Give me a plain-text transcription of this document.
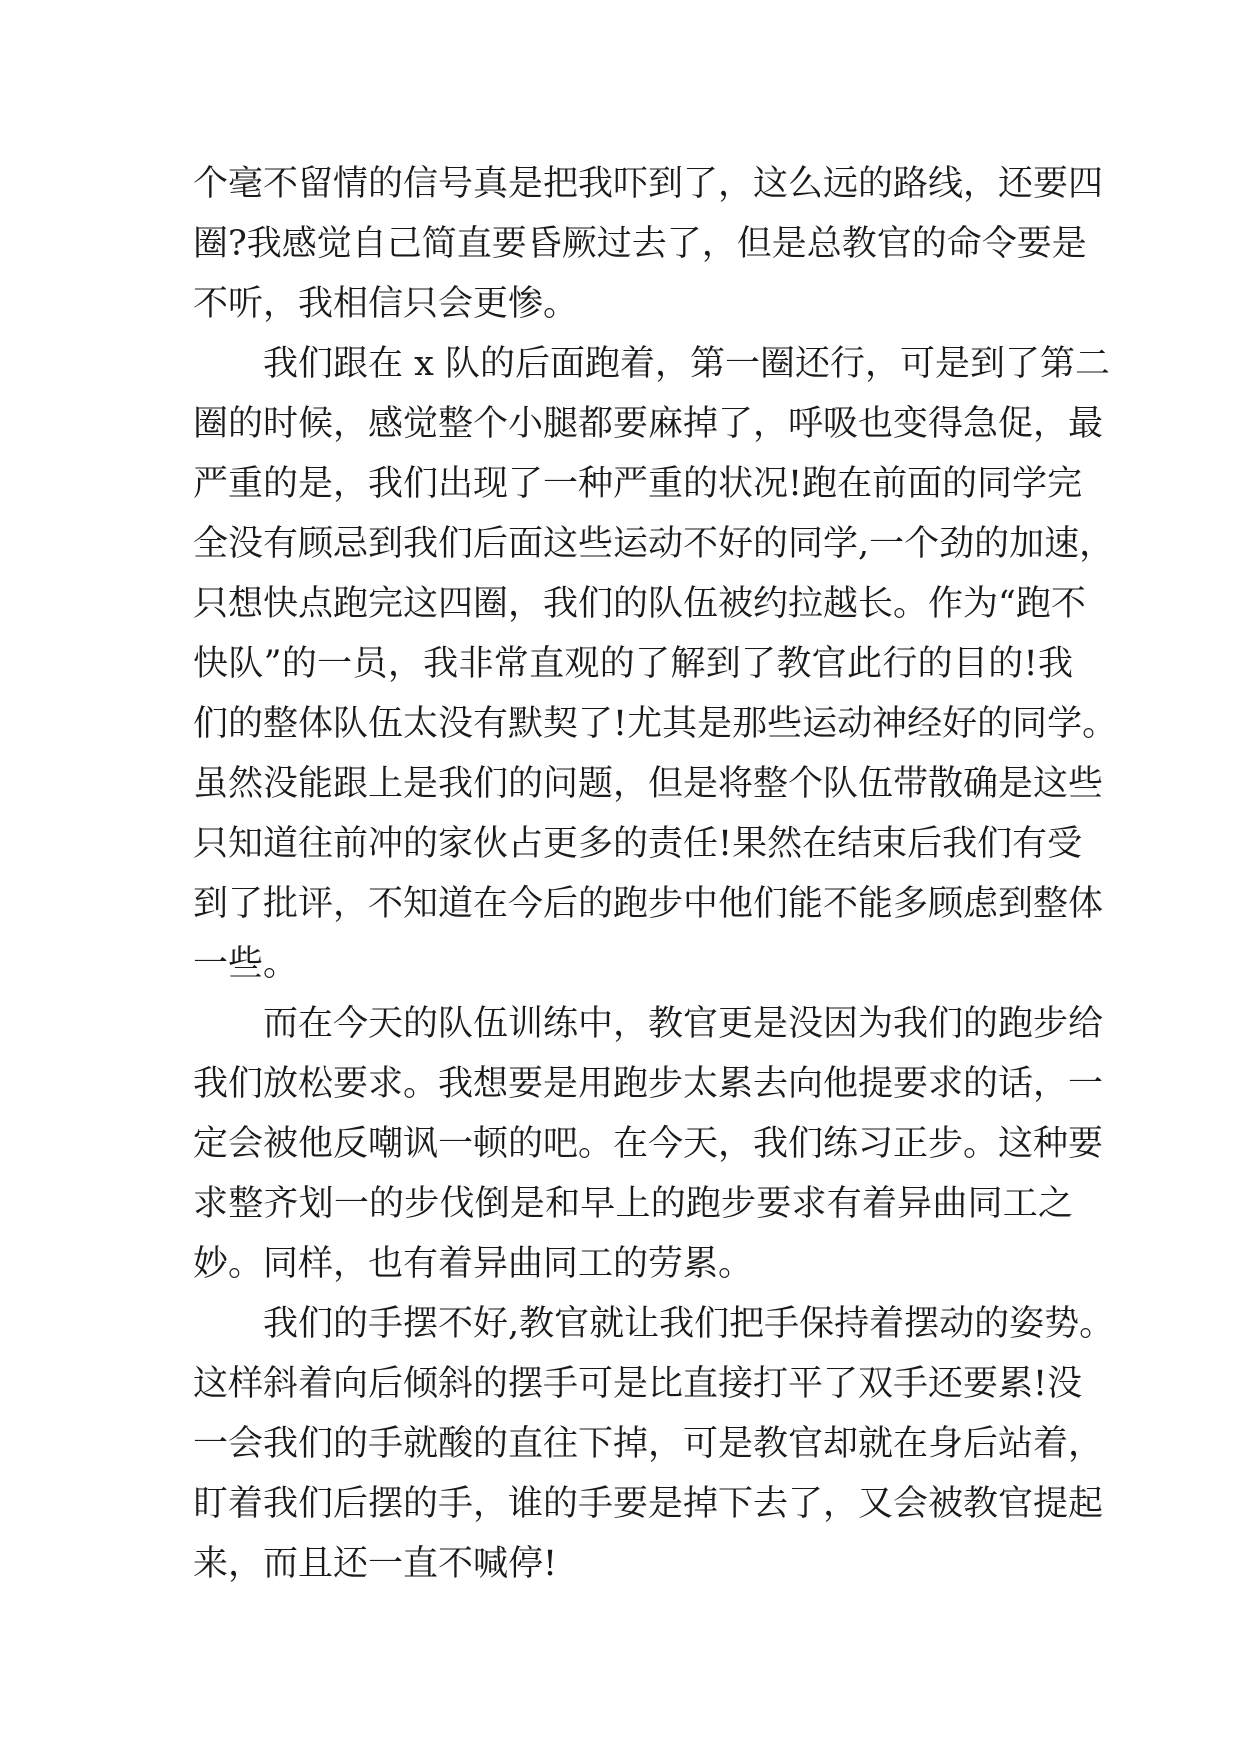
个毫不留情的信号真是把我吓到了，这么远的路线，还要四
圈?我感觉自己简直要昏厥过去了，但是总教官的命令要是
不听，我相信只会更惨。
我们跟在 x 队的后面跑着，第一圈还行，可是到了第二
圈的时候，感觉整个小腿都要麻掉了，呼吸也变得急促，最
严重的是，我们出现了一种严重的状况!跑在前面的同学完
全没有顾忌到我们后面这些运动不好的同学,一个劲的加速，
只想快点跑完这四圈，我们的队伍被约拉越长。作为“跑不
快队”的一员，我非常直观的了解到了教官此行的目的!我
们的整体队伍太没有默契了!尤其是那些运动神经好的同学。
虽然没能跟上是我们的问题，但是将整个队伍带散确是这些
只知道往前冲的家伙占更多的责任!果然在结束后我们有受
到了批评，不知道在今后的跑步中他们能不能多顾虑到整体
一些。
而在今天的队伍训练中，教官更是没因为我们的跑步给
我们放松要求。我想要是用跑步太累去向他提要求的话，一
定会被他反嘲讽一顿的吧。在今天，我们练习正步。这种要
求整齐划一的步伐倒是和早上的跑步要求有着异曲同工之
妙。同样，也有着异曲同工的劳累。
我们的手摆不好,教官就让我们把手保持着摆动的姿势。
这样斜着向后倾斜的摆手可是比直接打平了双手还要累!没
一会我们的手就酸的直往下掉，可是教官却就在身后站着，
盯着我们后摆的手，谁的手要是掉下去了，又会被教官提起
来，而且还一直不喊停!
